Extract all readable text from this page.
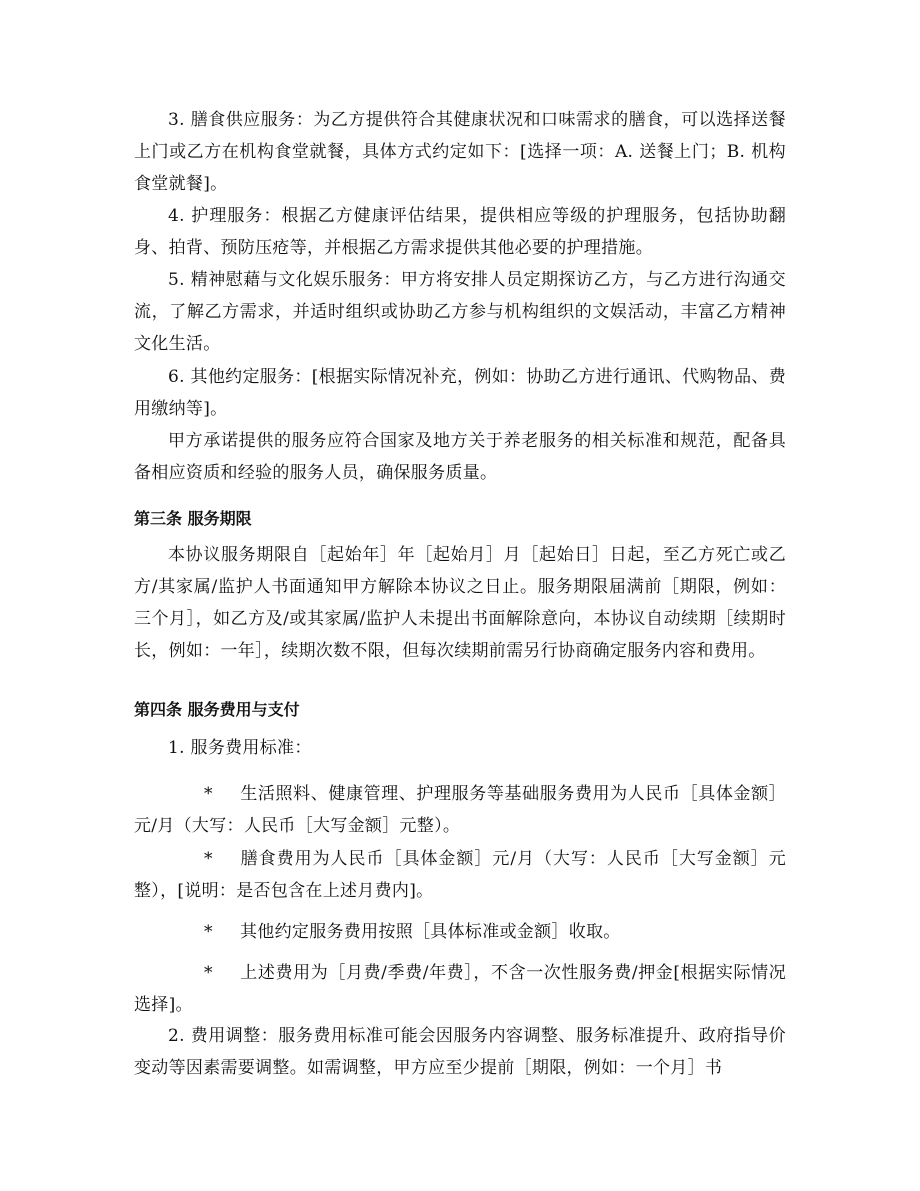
3. 膳食供应服务：为乙方提供符合其健康状况和口味需求的膳食，可以选择送餐上门或乙方在机构食堂就餐，具体方式约定如下：[选择一项：A. 送餐上门；B. 机构食堂就餐]。

4. 护理服务：根据乙方健康评估结果，提供相应等级的护理服务，包括协助翻身、拍背、预防压疮等，并根据乙方需求提供其他必要的护理措施。

5. 精神慰藉与文化娱乐服务：甲方将安排人员定期探访乙方，与乙方进行沟通交流，了解乙方需求，并适时组织或协助乙方参与机构组织的文娱活动，丰富乙方精神文化生活。

6. 其他约定服务：[根据实际情况补充，例如：协助乙方进行通讯、代购物品、费用缴纳等]。

甲方承诺提供的服务应符合国家及地方关于养老服务的相关标准和规范，配备具备相应资质和经验的服务人员，确保服务质量。

第三条 服务期限

本协议服务期限自［起始年］年［起始月］月［起始日］日起，至乙方死亡或乙方/其家属/监护人书面通知甲方解除本协议之日止。服务期限届满前［期限，例如：三个月］，如乙方及/或其家属/监护人未提出书面解除意向，本协议自动续期［续期时长，例如：一年］，续期次数不限，但每次续期前需另行协商确定服务内容和费用。

第四条 服务费用与支付

1. 服务费用标准：

* 生活照料、健康管理、护理服务等基础服务费用为人民币［具体金额］元/月（大写：人民币［大写金额］元整）。

* 膳食费用为人民币［具体金额］元/月（大写：人民币［大写金额］元整），[说明：是否包含在上述月费内]。

* 其他约定服务费用按照［具体标准或金额］收取。

* 上述费用为［月费/季费/年费］，不含一次性服务费/押金[根据实际情况选择]。

2. 费用调整：服务费用标准可能会因服务内容调整、服务标准提升、政府指导价变动等因素需要调整。如需调整，甲方应至少提前［期限，例如：一个月］书
